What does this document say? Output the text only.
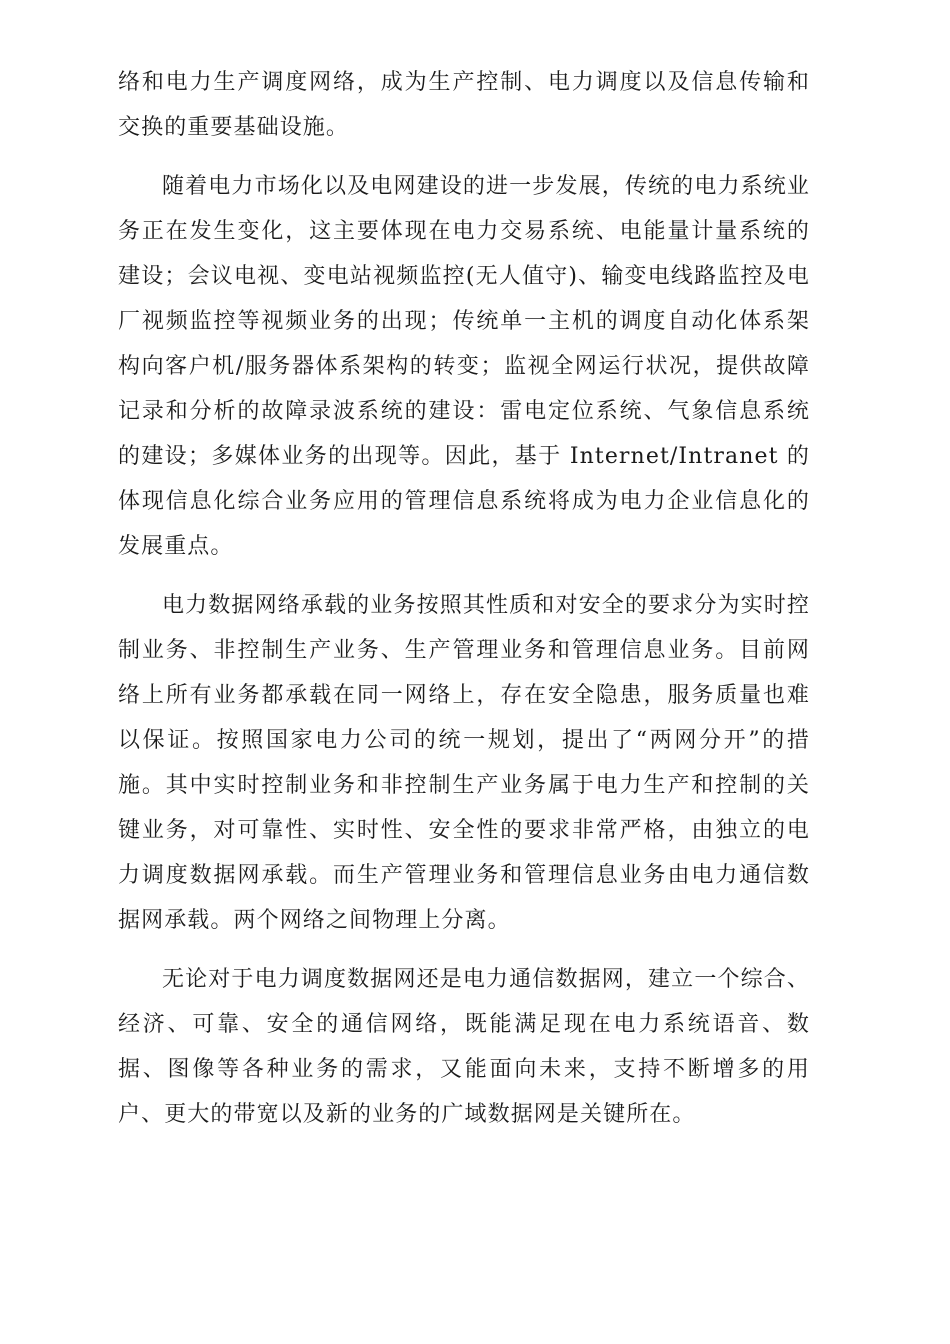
络和电力生产调度网络，成为生产控制、电力调度以及信息传输和交换的重要基础设施。

随着电力市场化以及电网建设的进一步发展，传统的电力系统业务正在发生变化，这主要体现在电力交易系统、电能量计量系统的建设；会议电视、变电站视频监控(无人值守)、输变电线路监控及电厂视频监控等视频业务的出现；传统单一主机的调度自动化体系架构向客户机/服务器体系架构的转变；监视全网运行状况，提供故障记录和分析的故障录波系统的建设：雷电定位系统、气象信息系统的建设；多媒体业务的出现等。因此，基于 Internet/Intranet 的体现信息化综合业务应用的管理信息系统将成为电力企业信息化的发展重点。

电力数据网络承载的业务按照其性质和对安全的要求分为实时控制业务、非控制生产业务、生产管理业务和管理信息业务。目前网络上所有业务都承载在同一网络上，存在安全隐患，服务质量也难以保证。按照国家电力公司的统一规划，提出了“两网分开”的措施。其中实时控制业务和非控制生产业务属于电力生产和控制的关键业务，对可靠性、实时性、安全性的要求非常严格，由独立的电力调度数据网承载。而生产管理业务和管理信息业务由电力通信数据网承载。两个网络之间物理上分离。

无论对于电力调度数据网还是电力通信数据网，建立一个综合、经济、可靠、安全的通信网络，既能满足现在电力系统语音、数据、图像等各种业务的需求，又能面向未来，支持不断增多的用户、更大的带宽以及新的业务的广域数据网是关键所在。
